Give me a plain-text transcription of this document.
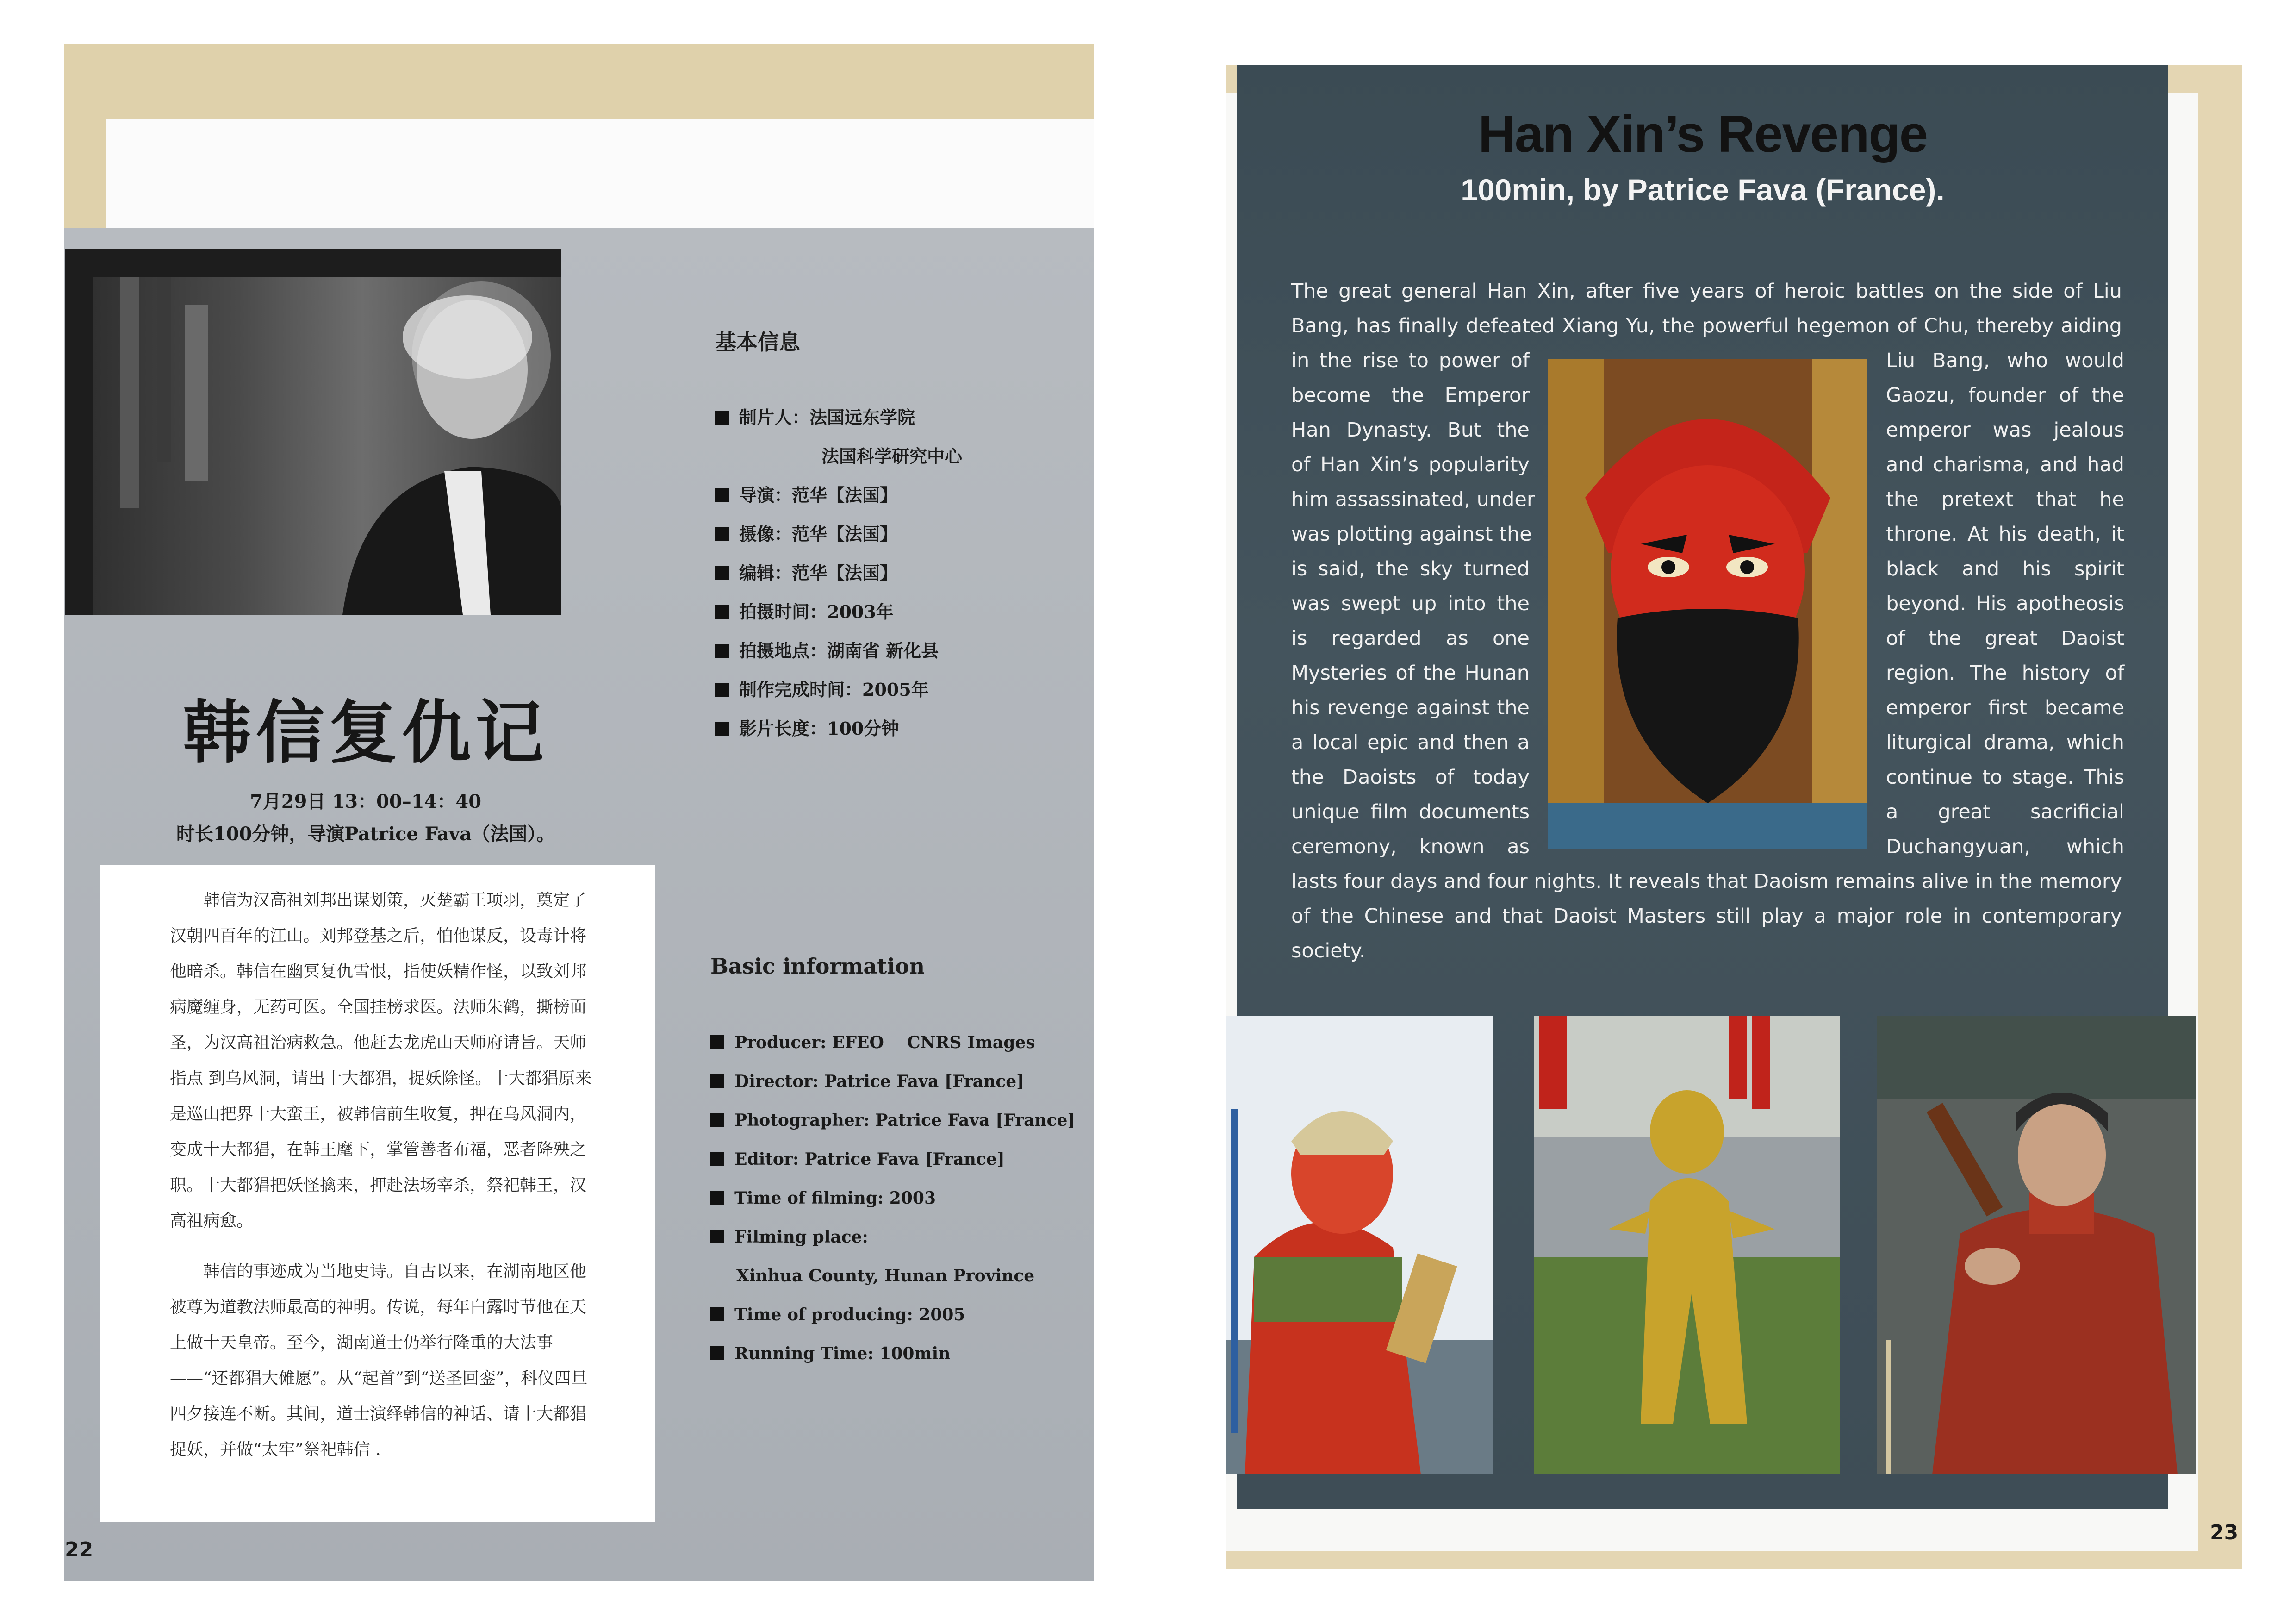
韩信复仇记
7月29日 13：00–14：40
时长100分钟，导演Patrice Fava（法国）。
韩信为汉高祖刘邦出谋划策，灭楚霸王项羽，奠定了汉朝四百年的江山。刘邦登基之后，怕他谋反，设毒计将他暗杀。韩信在幽冥复仇雪恨，指使妖精作怪，以致刘邦病魔缠身，无药可医。全国挂榜求医。法师朱鹤，撕榜面圣，为汉高祖治病救急。他赶去龙虎山天师府请旨。天师指点 到乌风洞，请出十大都猖，捉妖除怪。十大都猖原来是巡山把界十大蛮王，被韩信前生收复，押在乌风洞内，变成十大都猖，在韩王麾下，掌管善者布福，恶者降殃之职。十大都猖把妖怪擒来，押赴法场宰杀，祭祀韩王，汉高祖病愈。
韩信的事迹成为当地史诗。自古以来，在湖南地区他被尊为道教法师最高的神明。传说，每年白露时节他在天上做十天皇帝。至今，湖南道士仍举行隆重的大法事——“还都猖大傩愿”。从“起首”到“送圣回銮”，科仪四旦四夕接连不断。其间，道士演绎韩信的神话、请十大都猖捉妖，并做“太牢”祭祀韩信 .
基本信息
制片人：法国远东学院
法国科学研究中心
导演：范华【法国】
摄像：范华【法国】
编辑：范华【法国】
拍摄时间：2003年
拍摄地点：湖南省 新化县
制作完成时间：2005年
影片长度：100分钟
Basic information
Producer: EFEO    CNRS Images
Director: Patrice Fava [France]
Photographer: Patrice Fava [France]
Editor: Patrice Fava [France]
Time of filming: 2003
Filming place:
Xinhua County, Hunan Province
Time of producing: 2005
Running Time: 100min
22
Han Xin’s Revenge
100min, by Patrice Fava (France).
The great general Han Xin, after five years of heroic battles on the side of Liu
Bang, has finally defeated Xiang Yu, the powerful hegemon of Chu, thereby aiding
in the rise to power of
become the Emperor
Han Dynasty. But the
of Han Xin’s popularity
him assassinated, under
was plotting against the
is said, the sky turned
was swept up into the
is regarded as one
Mysteries of the Hunan
his revenge against the
a local epic and then a
the Daoists of today
unique film documents
ceremony, known as
Liu Bang, who would
Gaozu, founder of the
emperor was jealous
and charisma, and had
the pretext that he
throne. At his death, it
black and his spirit
beyond. His apotheosis
of the great Daoist
region. The history of
emperor first became
liturgical drama, which
continue to stage. This
a great sacrificial
Duchangyuan, which
lasts four days and four nights. It reveals that Daoism remains alive in the memory
of the Chinese and that Daoist Masters still play a major role in contemporary
society.
23
